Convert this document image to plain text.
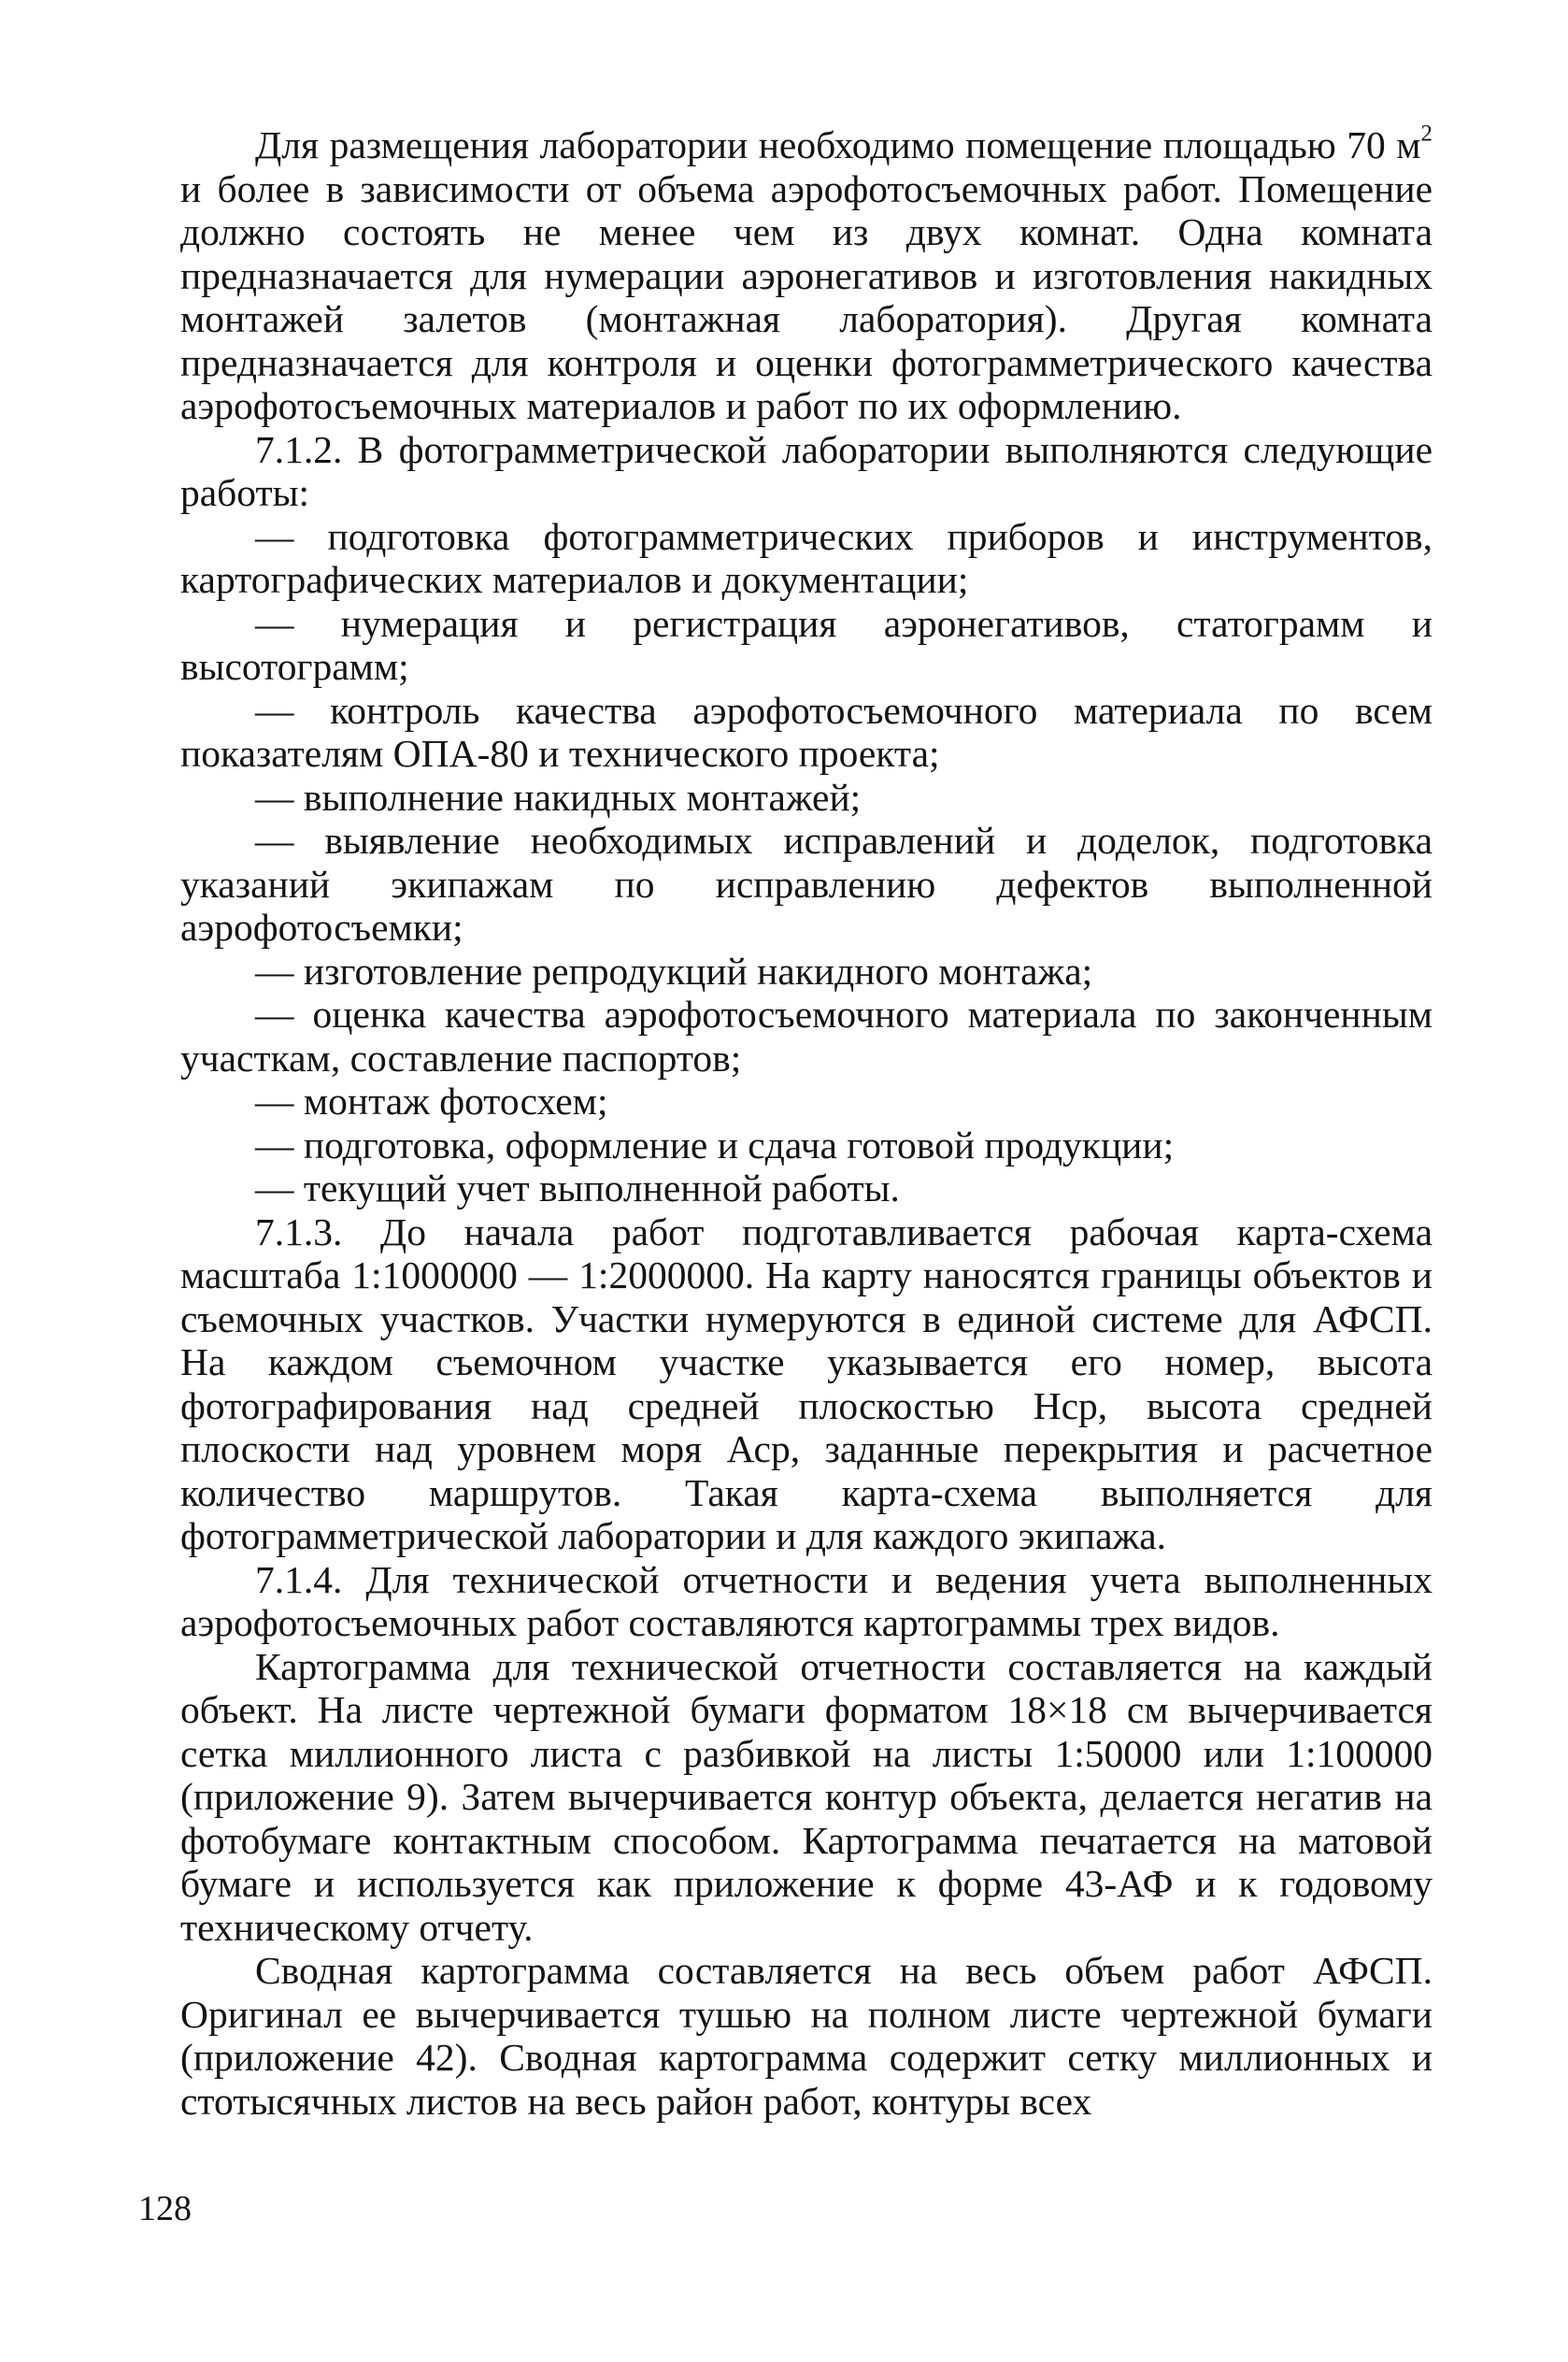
Для размещения лаборатории необходимо помещение площадью 70 $м^2$ и более в зависимости от объема аэрофотосъемочных работ. Помещение должно состоять не менее чем из двух комнат. Одна комната предназначается для нумерации аэронегативов и изготовления накидных монтажей залетов (монтажная лаборатория). Другая комната предназначается для контроля и оценки фотограмметрического качества аэрофотосъемочных материалов и работ по их оформлению.

7.1.2. В фотограмметрической лаборатории выполняются следующие работы:

— подготовка фотограмметрических приборов и инструментов, картографических материалов и документации;

— нумерация и регистрация аэронегативов, статограмм и высотограмм;

— контроль качества аэрофотосъемочного материала по всем показателям ОПА-80 и технического проекта;

— выполнение накидных монтажей;

— выявление необходимых исправлений и доделок, подготовка указаний экипажам по исправлению дефектов выполненной аэрофотосъемки;

— изготовление репродукций накидного монтажа;

— оценка качества аэрофотосъемочного материала по законченным участкам, составление паспортов;

— монтаж фотосхем;

— подготовка, оформление и сдача готовой продукции;

— текущий учет выполненной работы.

7.1.3. До начала работ подготавливается рабочая карта-схема масштаба 1:1000000 — 1:2000000. На карту наносятся границы объектов и съемочных участков. Участки нумеруются в единой системе для АФСП. На каждом съемочном участке указывается его номер, высота фотографирования над средней плоскостью Нср, высота средней плоскости над уровнем моря Аср, заданные перекрытия и расчетное количество маршрутов. Такая карта-схема выполняется для фотограмметрической лаборатории и для каждого экипажа.

7.1.4. Для технической отчетности и ведения учета выполненных аэрофотосъемочных работ составляются картограммы трех видов.

Картограмма для технической отчетности составляется на каждый объект. На листе чертежной бумаги форматом 18×18 см вычерчивается сетка миллионного листа с разбивкой на листы 1:50000 или 1:100000 (приложение 9). Затем вычерчивается контур объекта, делается негатив на фотобумаге контактным способом. Картограмма печатается на матовой бумаге и используется как приложение к форме 43-АФ и к годовому техническому отчету.

Сводная картограмма составляется на весь объем работ АФСП. Оригинал ее вычерчивается тушью на полном листе чертежной бумаги (приложение 42). Сводная картограмма содержит сетку миллионных и стотысячных листов на весь район работ, контуры всех

128
